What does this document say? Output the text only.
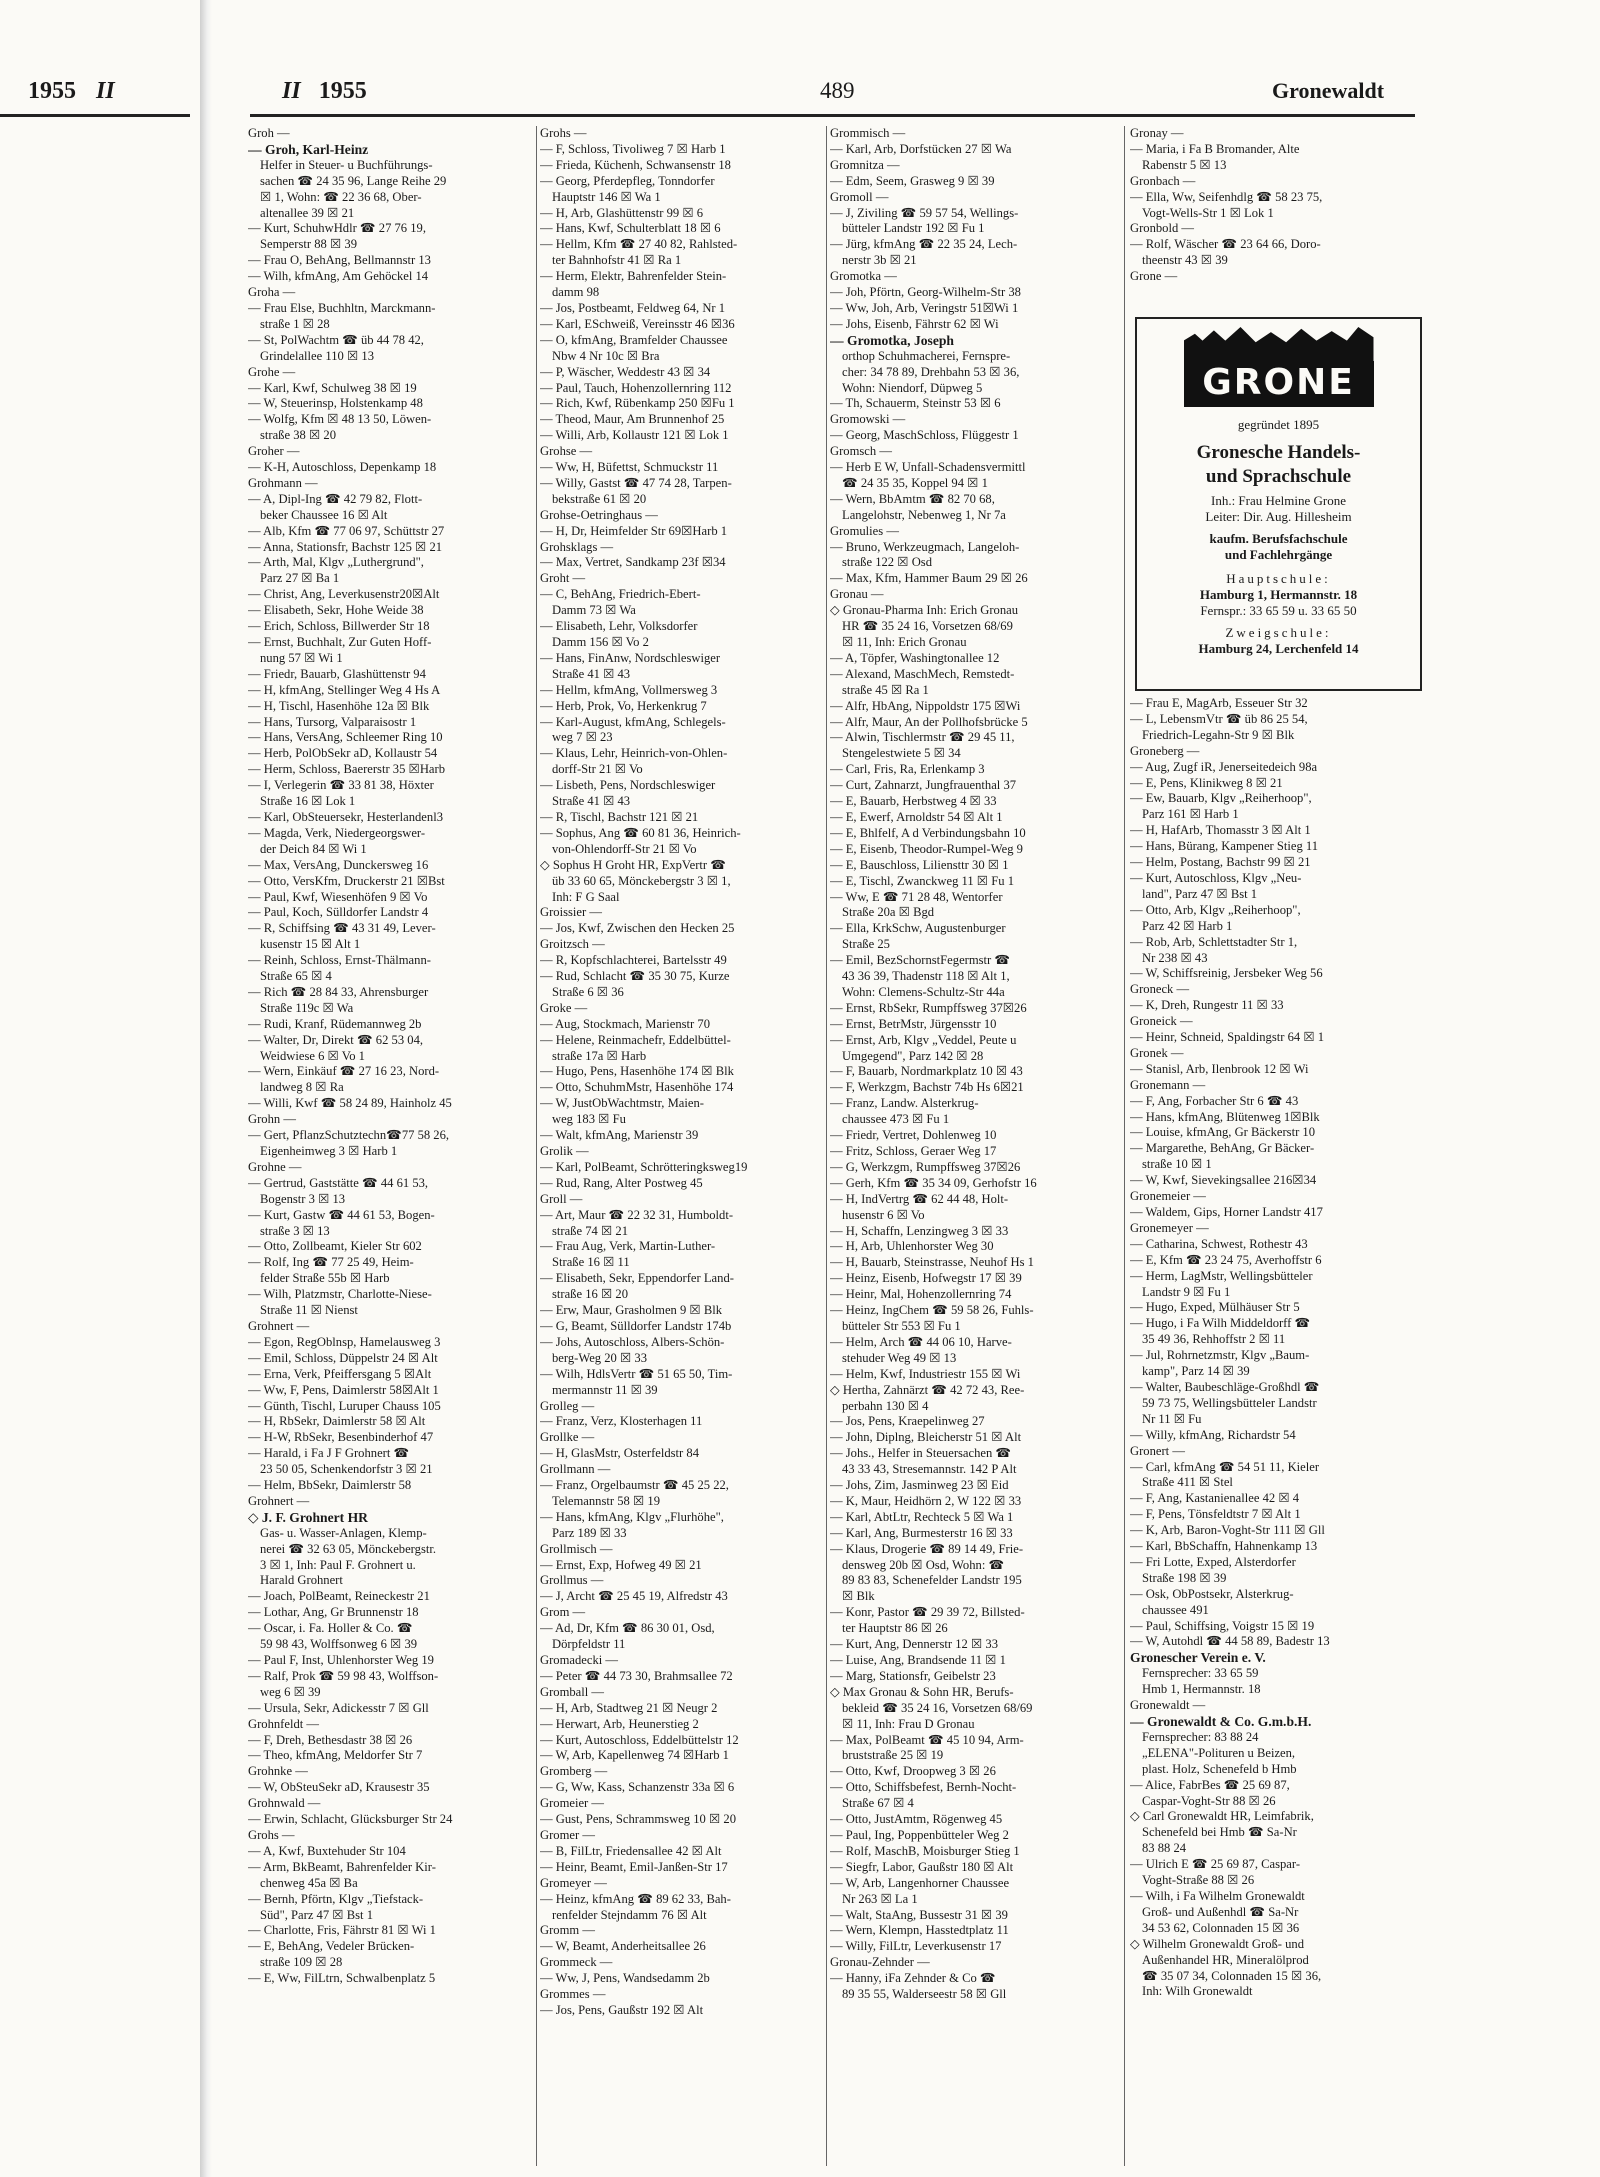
1955 II	II 1955	489	Gronewaldt
Groh —
— Groh, Karl-Heinz
Helfer in Steuer- u Buchführungs-
sachen ☎ 24 35 96, Lange Reihe 29
☒ 1, Wohn: ☎ 22 36 68, Ober-
altenallee 39 ☒ 21
— Kurt, SchuhwHdlr ☎ 27 76 19,
Semperstr 88 ☒ 39
— Frau O, BehAng, Bellmannstr 13
— Wilh, kfmAng, Am Gehöckel 14
Groha —
— Frau Else, Buchhltn, Marckmann-
straße 1 ☒ 28
— St, PolWachtm ☎ üb 44 78 42,
Grindelallee 110 ☒ 13
Grohe —
— Karl, Kwf, Schulweg 38 ☒ 19
— W, Steuerinsp, Holstenkamp 48
— Wolfg, Kfm ☒ 48 13 50, Löwen-
straße 38 ☒ 20
Groher —
— K-H, Autoschloss, Depenkamp 18
Grohmann —
— A, Dipl-Ing ☎ 42 79 82, Flott-
beker Chaussee 16 ☒ Alt
— Alb, Kfm ☎ 77 06 97, Schüttstr 27
— Anna, Stationsfr, Bachstr 125 ☒ 21
— Arth, Mal, Klgv „Luthergrund",
Parz 27 ☒ Ba 1
— Christ, Ang, Leverkusenstr20☒Alt
— Elisabeth, Sekr, Hohe Weide 38
— Erich, Schloss, Billwerder Str 18
— Ernst, Buchhalt, Zur Guten Hoff-
nung 57 ☒ Wi 1
— Friedr, Bauarb, Glashüttenstr 94
— H, kfmAng, Stellinger Weg 4 Hs A
— H, Tischl, Hasenhöhe 12a ☒ Blk
— Hans, Tursorg, Valparaisostr 1
— Hans, VersAng, Schleemer Ring 10
— Herb, PolObSekr aD, Kollaustr 54
— Herm, Schloss, Baererstr 35 ☒Harb
— I, Verlegerin ☎ 33 81 38, Höxter
Straße 16 ☒ Lok 1
— Karl, ObSteuersekr, Hesterlandenl3
— Magda, Verk, Niedergeorgswer-
der Deich 84 ☒ Wi 1
— Max, VersAng, Dunckersweg 16
— Otto, VersKfm, Druckerstr 21 ☒Bst
— Paul, Kwf, Wiesenhöfen 9 ☒ Vo
— Paul, Koch, Sülldorfer Landstr 4
— R, Schiffsing ☎ 43 31 49, Lever-
kusenstr 15 ☒ Alt 1
— Reinh, Schloss, Ernst-Thälmann-
Straße 65 ☒ 4
— Rich ☎ 28 84 33, Ahrensburger
Straße 119c ☒ Wa
— Rudi, Kranf, Rüdemannweg 2b
— Walter, Dr, Direkt ☎ 62 53 04,
Weidwiese 6 ☒ Vo 1
— Wern, Einkäuf ☎ 27 16 23, Nord-
landweg 8 ☒ Ra
— Willi, Kwf ☎ 58 24 89, Hainholz 45
Grohn —
— Gert, PflanzSchutztechn☎77 58 26,
Eigenheimweg 3 ☒ Harb 1
Grohne —
— Gertrud, Gaststätte ☎ 44 61 53,
Bogenstr 3 ☒ 13
— Kurt, Gastw ☎ 44 61 53, Bogen-
straße 3 ☒ 13
— Otto, Zollbeamt, Kieler Str 602
— Rolf, Ing ☎ 77 25 49, Heim-
felder Straße 55b ☒ Harb
— Wilh, Platzmstr, Charlotte-Niese-
Straße 11 ☒ Nienst
Grohnert —
— Egon, RegOblnsp, Hamelausweg 3
— Emil, Schloss, Düppelstr 24 ☒ Alt
— Erna, Verk, Pfeiffersgang 5 ☒Alt
— Ww, F, Pens, Daimlerstr 58☒Alt 1
— Günth, Tischl, Luruper Chauss 105
— H, RbSekr, Daimlerstr 58 ☒ Alt
— H-W, RbSekr, Besenbinderhof 47
— Harald, i Fa J F Grohnert ☎
23 50 05, Schenkendorfstr 3 ☒ 21
— Helm, BbSekr, Daimlerstr 58
Grohnert —
◇ J. F. Grohnert HR
Gas- u. Wasser-Anlagen, Klemp-
nerei ☎ 32 63 05, Mönckebergstr.
3 ☒ 1, Inh: Paul F. Grohnert u.
Harald Grohnert
— Joach, PolBeamt, Reineckestr 21
— Lothar, Ang, Gr Brunnenstr 18
— Oscar, i. Fa. Holler & Co. ☎
59 98 43, Wolffsonweg 6 ☒ 39
— Paul F, Inst, Uhlenhorster Weg 19
— Ralf, Prok ☎ 59 98 43, Wolffson-
weg 6 ☒ 39
— Ursula, Sekr, Adickesstr 7 ☒ Gll
Grohnfeldt —
— F, Dreh, Bethesdastr 38 ☒ 26
— Theo, kfmAng, Meldorfer Str 7
Grohnke —
— W, ObSteuSekr aD, Krausestr 35
Grohnwald —
— Erwin, Schlacht, Glücksburger Str 24
Grohs —
— A, Kwf, Buxtehuder Str 104
— Arm, BkBeamt, Bahrenfelder Kir-
chenweg 45a ☒ Ba
— Bernh, Pförtn, Klgv „Tiefstack-
Süd", Parz 47 ☒ Bst 1
— Charlotte, Fris, Fährstr 81 ☒ Wi 1
— E, BehAng, Vedeler Brücken-
straße 109 ☒ 28
— E, Ww, FilLtrn, Schwalbenplatz 5
Grohs —
— F, Schloss, Tivoliweg 7 ☒ Harb 1
— Frieda, Küchenh, Schwansenstr 18
— Georg, Pferdepfleg, Tonndorfer
Hauptstr 146 ☒ Wa 1
— H, Arb, Glashüttenstr 99 ☒ 6
— Hans, Kwf, Schulterblatt 18 ☒ 6
— Hellm, Kfm ☎ 27 40 82, Rahlsted-
ter Bahnhofstr 41 ☒ Ra 1
— Herm, Elektr, Bahrenfelder Stein-
damm 98
— Jos, Postbeamt, Feldweg 64, Nr 1
— Karl, ESchweiß, Vereinsstr 46 ☒36
— O, kfmAng, Bramfelder Chaussee
Nbw 4 Nr 10c ☒ Bra
— P, Wäscher, Weddestr 43 ☒ 34
— Paul, Tauch, Hohenzollernring 112
— Rich, Kwf, Rübenkamp 250 ☒Fu 1
— Theod, Maur, Am Brunnenhof 25
— Willi, Arb, Kollaustr 121 ☒ Lok 1
Grohse —
— Ww, H, Büfettst, Schmuckstr 11
— Willy, Gastst ☎ 47 74 28, Tarpen-
bekstraße 61 ☒ 20
Grohse-Oetringhaus —
— H, Dr, Heimfelder Str 69☒Harb 1
Grohsklags —
— Max, Vertret, Sandkamp 23f ☒34
Groht —
— C, BehAng, Friedrich-Ebert-
Damm 73 ☒ Wa
— Elisabeth, Lehr, Volksdorfer
Damm 156 ☒ Vo 2
— Hans, FinAnw, Nordschleswiger
Straße 41 ☒ 43
— Hellm, kfmAng, Vollmersweg 3
— Herb, Prok, Vo, Herkenkrug 7
— Karl-August, kfmAng, Schlegels-
weg 7 ☒ 23
— Klaus, Lehr, Heinrich-von-Ohlen-
dorff-Str 21 ☒ Vo
— Lisbeth, Pens, Nordschleswiger
Straße 41 ☒ 43
— R, Tischl, Bachstr 121 ☒ 21
— Sophus, Ang ☎ 60 81 36, Heinrich-
von-Ohlendorff-Str 21 ☒ Vo
◇ Sophus H Groht HR, ExpVertr ☎
üb 33 60 65, Mönckebergstr 3 ☒ 1,
Inh: F G Saal
Groissier —
— Jos, Kwf, Zwischen den Hecken 25
Groitzsch —
— R, Kopfschlachterei, Bartelsstr 49
— Rud, Schlacht ☎ 35 30 75, Kurze
Straße 6 ☒ 36
Groke —
— Aug, Stockmach, Marienstr 70
— Helene, Reinmachefr, Eddelbüttel-
straße 17a ☒ Harb
— Hugo, Pens, Hasenhöhe 174 ☒ Blk
— Otto, SchuhmMstr, Hasenhöhe 174
— W, JustObWachtmstr, Maien-
weg 183 ☒ Fu
— Walt, kfmAng, Marienstr 39
Grolik —
— Karl, PolBeamt, Schrötteringksweg19
— Rud, Rang, Alter Postweg 45
Groll —
— Art, Maur ☎ 22 32 31, Humboldt-
straße 74 ☒ 21
— Frau Aug, Verk, Martin-Luther-
Straße 16 ☒ 11
— Elisabeth, Sekr, Eppendorfer Land-
straße 16 ☒ 20
— Erw, Maur, Grasholmen 9 ☒ Blk
— G, Beamt, Sülldorfer Landstr 174b
— Johs, Autoschloss, Albers-Schön-
berg-Weg 20 ☒ 33
— Wilh, HdlsVertr ☎ 51 65 50, Tim-
mermannstr 11 ☒ 39
Grolleg —
— Franz, Verz, Klosterhagen 11
Grollke —
— H, GlasMstr, Osterfeldstr 84
Grollmann —
— Franz, Orgelbaumstr ☎ 45 25 22,
Telemannstr 58 ☒ 19
— Hans, kfmAng, Klgv „Flurhöhe",
Parz 189 ☒ 33
Grollmisch —
— Ernst, Exp, Hofweg 49 ☒ 21
Grollmus —
— J, Archt ☎ 25 45 19, Alfredstr 43
Grom —
— Ad, Dr, Kfm ☎ 86 30 01, Osd,
Dörpfeldstr 11
Gromadecki —
— Peter ☎ 44 73 30, Brahmsallee 72
Gromball —
— H, Arb, Stadtweg 21 ☒ Neugr 2
— Herwart, Arb, Heunerstieg 2
— Kurt, Autoschloss, Eddelbüttelstr 12
— W, Arb, Kapellenweg 74 ☒Harb 1
Gromberg —
— G, Ww, Kass, Schanzenstr 33a ☒ 6
Gromeier —
— Gust, Pens, Schrammsweg 10 ☒ 20
Gromer —
— B, FilLtr, Friedensallee 42 ☒ Alt
— Heinr, Beamt, Emil-Janßen-Str 17
Gromeyer —
— Heinz, kfmAng ☎ 89 62 33, Bah-
renfelder Stejndamm 76 ☒ Alt
Gromm —
— W, Beamt, Anderheitsallee 26
Grommeck —
— Ww, J, Pens, Wandsedamm 2b
Grommes —
— Jos, Pens, Gaußstr 192 ☒ Alt
Grommisch —
— Karl, Arb, Dorfstücken 27 ☒ Wa
Gromnitza —
— Edm, Seem, Grasweg 9 ☒ 39
Gromoll —
— J, Ziviling ☎ 59 57 54, Wellings-
bütteler Landstr 192 ☒ Fu 1
— Jürg, kfmAng ☎ 22 35 24, Lech-
nerstr 3b ☒ 21
Gromotka —
— Joh, Pförtn, Georg-Wilhelm-Str 38
— Ww, Joh, Arb, Veringstr 51☒Wi 1
— Johs, Eisenb, Fährstr 62 ☒ Wi
— Gromotka, Joseph
orthop Schuhmacherei, Fernspre-
cher: 34 78 89, Drehbahn 53 ☒ 36,
Wohn: Niendorf, Düpweg 5
— Th, Schauerm, Steinstr 53 ☒ 6
Gromowski —
— Georg, MaschSchloss, Flüggestr 1
Gromsch —
— Herb E W, Unfall-Schadensvermittl
☎ 24 35 35, Koppel 94 ☒ 1
— Wern, BbAmtm ☎ 82 70 68,
Langelohstr, Nebenweg 1, Nr 7a
Gromulies —
— Bruno, Werkzeugmach, Langeloh-
straße 122 ☒ Osd
— Max, Kfm, Hammer Baum 29 ☒ 26
Gronau —
◇ Gronau-Pharma Inh: Erich Gronau
HR ☎ 35 24 16, Vorsetzen 68/69
☒ 11, Inh: Erich Gronau
— A, Töpfer, Washingtonallee 12
— Alexand, MaschMech, Remstedt-
straße 45 ☒ Ra 1
— Alfr, HbAng, Nippoldstr 175 ☒Wi
— Alfr, Maur, An der Pollhofsbrücke 5
— Alwin, Tischlermstr ☎ 29 45 11,
Stengelestwiete 5 ☒ 34
— Carl, Fris, Ra, Erlenkamp 3
— Curt, Zahnarzt, Jungfrauenthal 37
— E, Bauarb, Herbstweg 4 ☒ 33
— E, Ewerf, Arnoldstr 54 ☒ Alt 1
— E, Bhlfelf, A d Verbindungsbahn 10
— E, Eisenb, Theodor-Rumpel-Weg 9
— E, Bauschloss, Liliensttr 30 ☒ 1
— E, Tischl, Zwanckweg 11 ☒ Fu 1
— Ww, E ☎ 71 28 48, Wentorfer
Straße 20a ☒ Bgd
— Ella, KrkSchw, Augustenburger
Straße 25
— Emil, BezSchornstFegermstr ☎
43 36 39, Thadenstr 118 ☒ Alt 1,
Wohn: Clemens-Schultz-Str 44a
— Ernst, RbSekr, Rumpffsweg 37☒26
— Ernst, BetrMstr, Jürgensstr 10
— Ernst, Arb, Klgv „Veddel, Peute u
Umgegend", Parz 142 ☒ 28
— F, Bauarb, Nordmarkplatz 10 ☒ 43
— F, Werkzgm, Bachstr 74b Hs 6☒21
— Franz, Landw. Alsterkrug-
chaussee 473 ☒ Fu 1
— Friedr, Vertret, Dohlenweg 10
— Fritz, Schloss, Geraer Weg 17
— G, Werkzgm, Rumpffsweg 37☒26
— Gerh, Kfm ☎ 35 34 09, Gerhofstr 16
— H, IndVertrg ☎ 62 44 48, Holt-
husenstr 6 ☒ Vo
— H, Schaffn, Lenzingweg 3 ☒ 33
— H, Arb, Uhlenhorster Weg 30
— H, Bauarb, Steinstrasse, Neuhof Hs 1
— Heinz, Eisenb, Hofwegstr 17 ☒ 39
— Heinr, Mal, Hohenzollernring 74
— Heinz, IngChem ☎ 59 58 26, Fuhls-
bütteler Str 553 ☒ Fu 1
— Helm, Arch ☎ 44 06 10, Harve-
stehuder Weg 49 ☒ 13
— Helm, Kwf, Industriestr 155 ☒ Wi
◇ Hertha, Zahnärzt ☎ 42 72 43, Ree-
perbahn 130 ☒ 4
— Jos, Pens, Kraepelinweg 27
— John, Diplng, Bleicherstr 51 ☒ Alt
— Johs., Helfer in Steuersachen ☎
43 33 43, Stresemannstr. 142 P Alt
— Johs, Zim, Jasminweg 23 ☒ Eid
— K, Maur, Heidhörn 2, W 122 ☒ 33
— Karl, AbtLtr, Rechteck 5 ☒ Wa 1
— Karl, Ang, Burmesterstr 16 ☒ 33
— Klaus, Drogerie ☎ 89 14 49, Frie-
densweg 20b ☒ Osd, Wohn: ☎
89 83 83, Schenefelder Landstr 195
☒ Blk
— Konr, Pastor ☎ 29 39 72, Billsted-
ter Hauptstr 86 ☒ 26
— Kurt, Ang, Dennerstr 12 ☒ 33
— Luise, Ang, Brandsende 11 ☒ 1
— Marg, Stationsfr, Geibelstr 23
◇ Max Gronau & Sohn HR, Berufs-
bekleid ☎ 35 24 16, Vorsetzen 68/69
☒ 11, Inh: Frau D Gronau
— Max, PolBeamt ☎ 45 10 94, Arm-
bruststraße 25 ☒ 19
— Otto, Kwf, Droopweg 3 ☒ 26
— Otto, Schiffsbefest, Bernh-Nocht-
Straße 67 ☒ 4
— Otto, JustAmtm, Rögenweg 45
— Paul, Ing, Poppenbütteler Weg 2
— Rolf, MaschB, Moisburger Stieg 1
— Siegfr, Labor, Gaußstr 180 ☒ Alt
— W, Arb, Langenhorner Chaussee
Nr 263 ☒ La 1
— Walt, StaAng, Bussestr 31 ☒ 39
— Wern, Klempn, Hasstedtplatz 11
— Willy, FilLtr, Leverkusenstr 17
Gronau-Zehnder —
— Hanny, iFa Zehnder & Co ☎
89 35 55, Walderseestr 58 ☒ Gll
Gronay —
— Maria, i Fa B Bromander, Alte
Rabenstr 5 ☒ 13
Gronbach —
— Ella, Ww, Seifenhdlg ☎ 58 23 75,
Vogt-Wells-Str 1 ☒ Lok 1
Gronbold —
— Rolf, Wäscher ☎ 23 64 66, Doro-
theenstr 43 ☒ 39
Grone —
— Frau E, MagArb, Esseuer Str 32
— L, LebensmVtr ☎ üb 86 25 54,
Friedrich-Legahn-Str 9 ☒ Blk
Groneberg —
— Aug, Zugf iR, Jenerseitedeich 98a
— E, Pens, Klinikweg 8 ☒ 21
— Ew, Bauarb, Klgv „Reiherhoop",
Parz 161 ☒ Harb 1
— H, HafArb, Thomasstr 3 ☒ Alt 1
— Hans, Bürang, Kampener Stieg 11
— Helm, Postang, Bachstr 99 ☒ 21
— Kurt, Autoschloss, Klgv „Neu-
land", Parz 47 ☒ Bst 1
— Otto, Arb, Klgv „Reiherhoop",
Parz 42 ☒ Harb 1
— Rob, Arb, Schlettstadter Str 1,
Nr 238 ☒ 43
— W, Schiffsreinig, Jersbeker Weg 56
Groneck —
— K, Dreh, Rungestr 11 ☒ 33
Groneick —
— Heinr, Schneid, Spaldingstr 64 ☒ 1
Gronek —
— Stanisl, Arb, Ilenbrook 12 ☒ Wi
Gronemann —
— F, Ang, Forbacher Str 6 ☎ 43
— Hans, kfmAng, Blütenweg 1☒Blk
— Louise, kfmAng, Gr Bäckerstr 10
— Margarethe, BehAng, Gr Bäcker-
straße 10 ☒ 1
— W, Kwf, Sievekingsallee 216☒34
Gronemeier —
— Waldem, Gips, Horner Landstr 417
Gronemeyer —
— Catharina, Schwest, Rothestr 43
— E, Kfm ☎ 23 24 75, Averhoffstr 6
— Herm, LagMstr, Wellingsbütteler
Landstr 9 ☒ Fu 1
— Hugo, Exped, Mülhäuser Str 5
— Hugo, i Fa Wilh Middeldorff ☎
35 49 36, Rehhoffstr 2 ☒ 11
— Jul, Rohrnetzmstr, Klgv „Baum-
kamp", Parz 14 ☒ 39
— Walter, Baubeschläge-Großhdl ☎
59 73 75, Wellingsbütteler Landstr
Nr 11 ☒ Fu
— Willy, kfmAng, Richardstr 54
Gronert —
— Carl, kfmAng ☎ 54 51 11, Kieler
Straße 411 ☒ Stel
— F, Ang, Kastanienallee 42 ☒ 4
— F, Pens, Tönsfeldtstr 7 ☒ Alt 1
— K, Arb, Baron-Voght-Str 111 ☒ Gll
— Karl, BbSchaffn, Hahnenkamp 13
— Fri Lotte, Exped, Alsterdorfer
Straße 198 ☒ 39
— Osk, ObPostsekr, Alsterkrug-
chaussee 491
— Paul, Schiffsing, Voigstr 15 ☒ 19
— W, Autohdl ☎ 44 58 89, Badestr 13
Gronescher Verein e. V.
Fernsprecher: 33 65 59
Hmb 1, Hermannstr. 18
Gronewaldt —
— Gronewaldt & Co. G.m.b.H.
Fernsprecher: 83 88 24
„ELENA"-Polituren u Beizen,
plast. Holz, Schenefeld b Hmb
— Alice, FabrBes ☎ 25 69 87,
Caspar-Voght-Str 88 ☒ 26
◇ Carl Gronewaldt HR, Leimfabrik,
Schenefeld bei Hmb ☎ Sa-Nr
83 88 24
— Ulrich E ☎ 25 69 87, Caspar-
Voght-Straße 88 ☒ 26
— Wilh, i Fa Wilhelm Gronewaldt
Groß- und Außenhdl ☎ Sa-Nr
34 53 62, Colonnaden 15 ☒ 36
◇ Wilhelm Gronewaldt Groß- und
Außenhandel HR, Mineralölprod
☎ 35 07 34, Colonnaden 15 ☒ 36,
Inh: Wilh Gronewaldt
GRONE
gegründet 1895
Gronesche Handels-
und Sprachschule
Inh.: Frau Helmine Grone
Leiter: Dir. Aug. Hillesheim
kaufm. Berufsfachschule
und Fachlehrgänge
Hauptschule:
Hamburg 1, Hermannstr. 18
Fernspr.: 33 65 59 u. 33 65 50
Zweigschule:
Hamburg 24, Lerchenfeld 14
